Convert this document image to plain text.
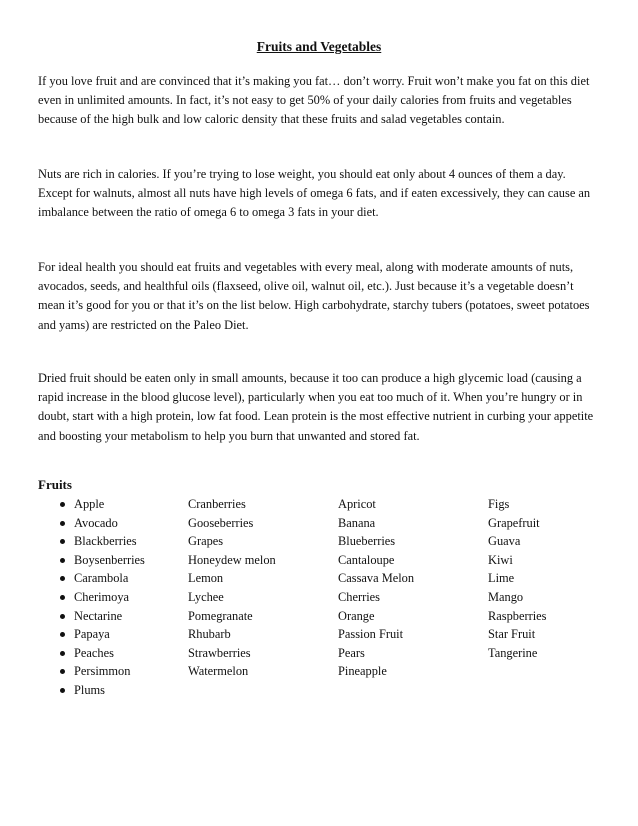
Fruits and Vegetables

If you love fruit and are convinced that it’s making you fat… don’t worry. Fruit won’t make you fat on this diet even in unlimited amounts. In fact, it’s not easy to get 50% of your daily calories from fruits and vegetables because of the high bulk and low caloric density that these fruits and salad vegetables contain.

Nuts are rich in calories. If you’re trying to lose weight, you should eat only about 4 ounces of them a day. Except for walnuts, almost all nuts have high levels of omega 6 fats, and if eaten excessively, they can cause an imbalance between the ratio of omega 6 to omega 3 fats in your diet.

For ideal health you should eat fruits and vegetables with every meal, along with moderate amounts of nuts, avocados, seeds, and healthful oils (flaxseed, olive oil, walnut oil, etc.). Just because it’s a vegetable doesn’t mean it’s good for you or that it’s on the list below. High carbohydrate, starchy tubers (potatoes, sweet potatoes and yams) are restricted on the Paleo Diet.

Dried fruit should be eaten only in small amounts, because it too can produce a high glycemic load (causing a rapid increase in the blood glucose level), particularly when you eat too much of it. When you’re hungry or in doubt, start with a high protein, low fat food. Lean protein is the most effective nutrient in curbing your appetite and boosting your metabolism to help you burn that unwanted and stored fat.

Fruits
Apple
Avocado
Blackberries
Boysenberries
Carambola
Cherimoya
Nectarine
Papaya
Peaches
Persimmon
Plums
Cranberries
Gooseberries
Grapes
Honeydew melon
Lemon
Lychee
Pomegranate
Rhubarb
Strawberries
Watermelon
Apricot
Banana
Blueberries
Cantaloupe
Cassava Melon
Cherries
Orange
Passion Fruit
Pears
Pineapple
Figs
Grapefruit
Guava
Kiwi
Lime
Mango
Raspberries
Star Fruit
Tangerine
